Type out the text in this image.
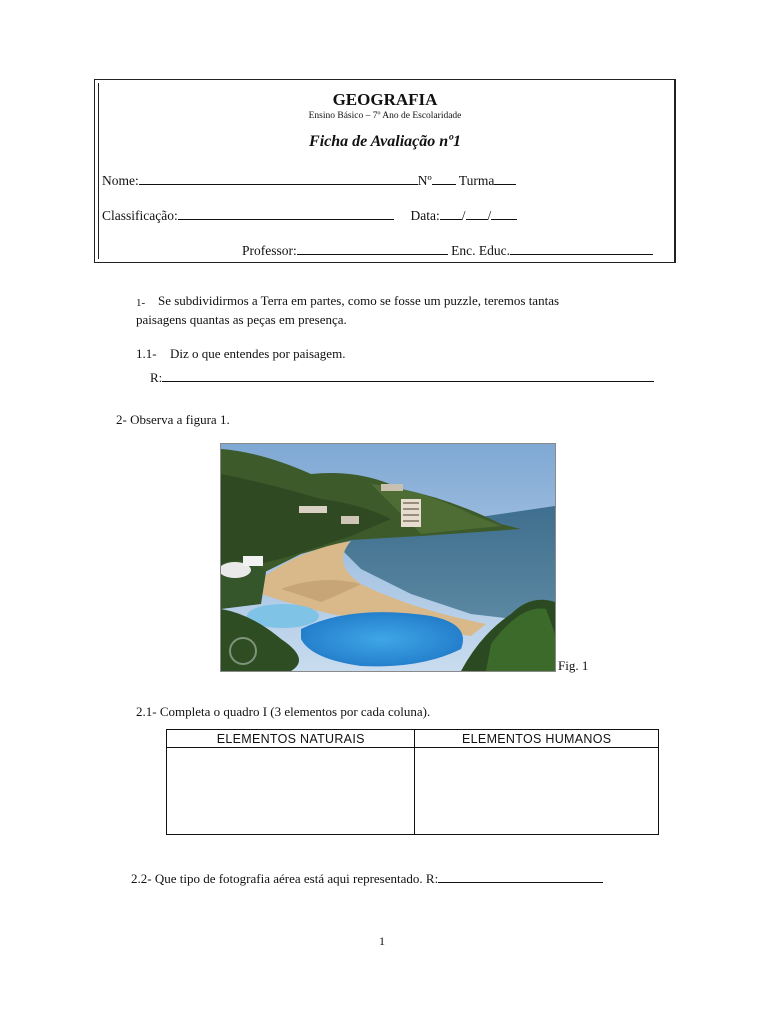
GEOGRAFIA
Ensino Básico – 7º Ano de Escolaridade
Ficha de Avaliação nº1
Nome:	Nº Turma
Classificação:	Data: / /
Professor:	Enc. Educ.
1- Se subdividirmos a Terra em partes, como se fosse um puzzle, teremos tantas
paisagens quantas as peças em presença.
1.1- Diz o que entendes por paisagem.
R:
2- Observa a figura 1.
Fig. 1
2.1- Completa o quadro I (3 elementos por cada coluna).
ELEMENTOS NATURAIS	ELEMENTOS HUMANOS

2.2- Que tipo de fotografia aérea está aqui representado. R:
1
